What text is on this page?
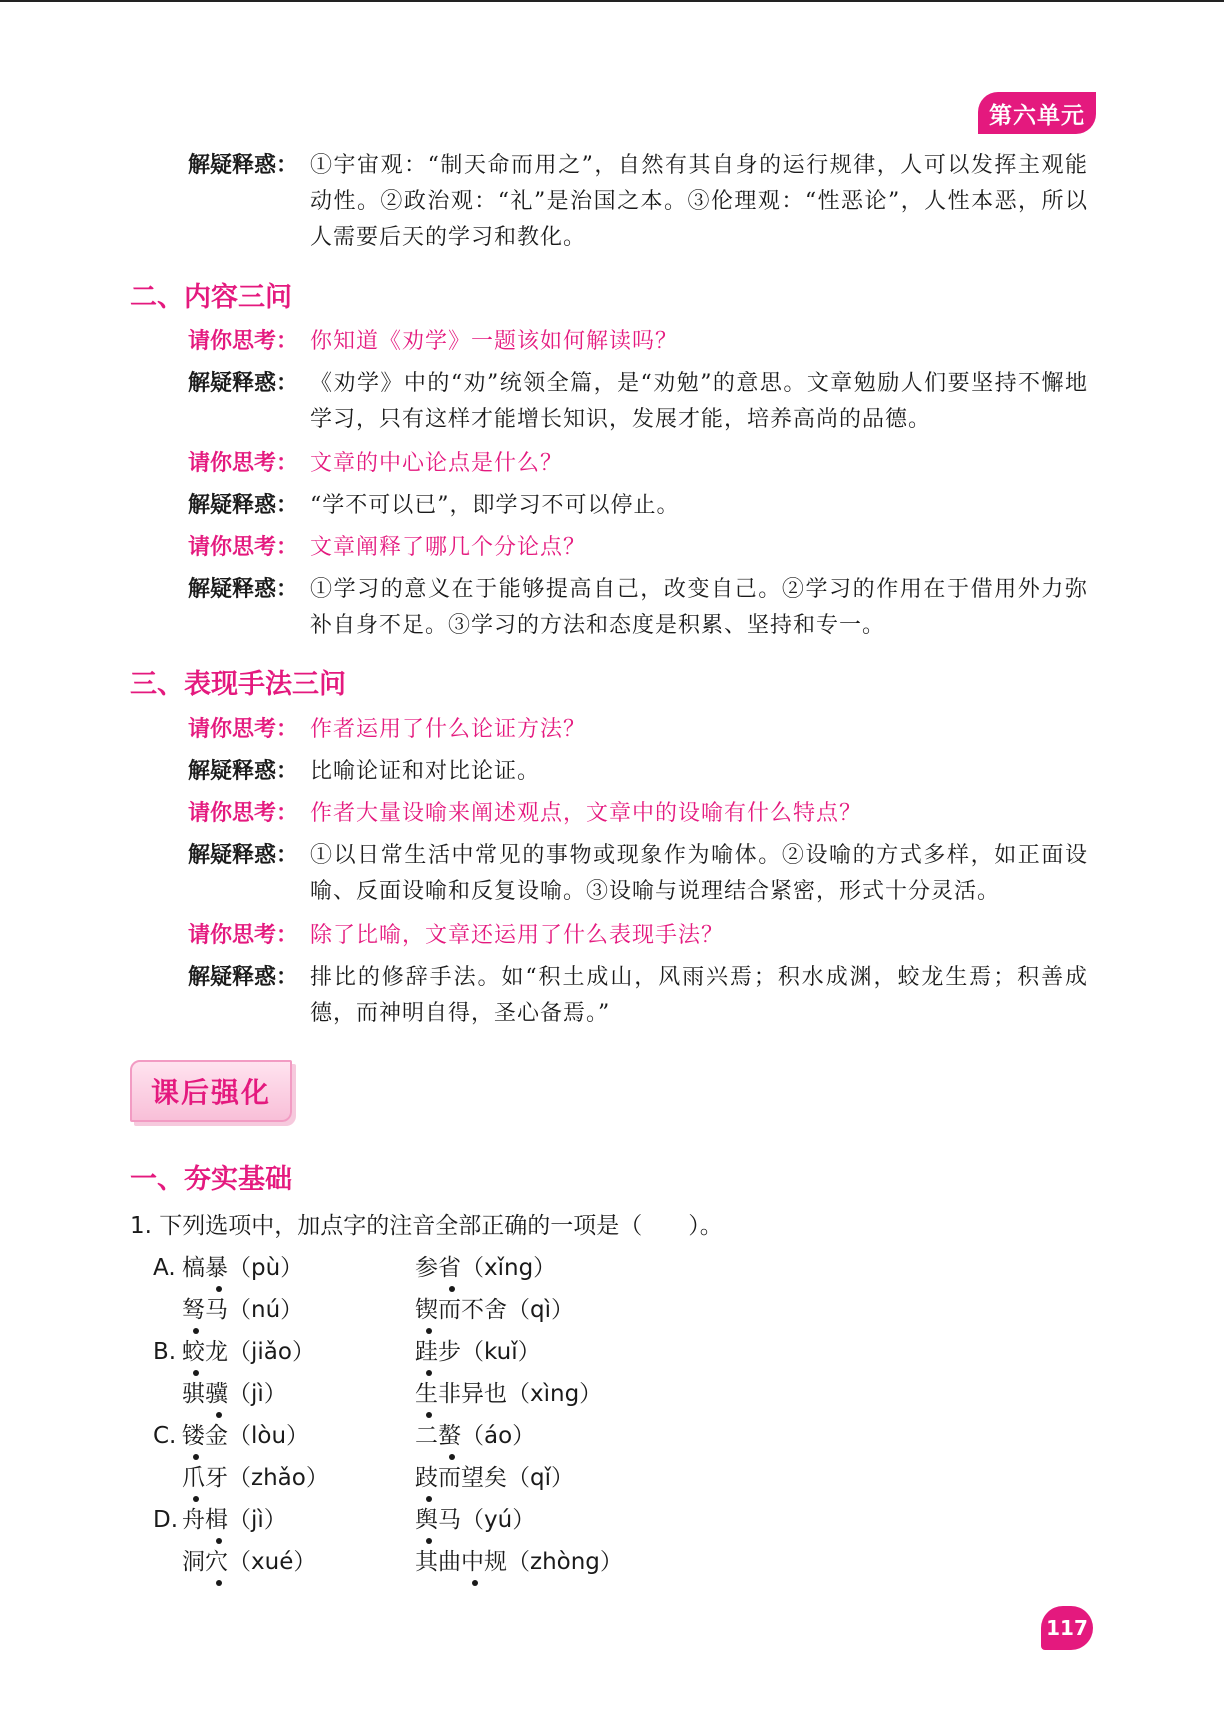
第六单元
解疑释惑： ①宇宙观：“制天命而用之”，自然有其自身的运行规律，人可以发挥主观能动性。②政治观：“礼”是治国之本。③伦理观：“性恶论”，人性本恶，所以人需要后天的学习和教化。
二、内容三问
请你思考： 你知道《劝学》一题该如何解读吗？
解疑释惑： 《劝学》中的“劝”统领全篇，是“劝勉”的意思。文章勉励人们要坚持不懈地学习，只有这样才能增长知识，发展才能，培养高尚的品德。
请你思考： 文章的中心论点是什么？
解疑释惑： “学不可以已”，即学习不可以停止。
请你思考： 文章阐释了哪几个分论点？
解疑释惑： ①学习的意义在于能够提高自己，改变自己。②学习的作用在于借用外力弥补自身不足。③学习的方法和态度是积累、坚持和专一。
三、表现手法三问
请你思考： 作者运用了什么论证方法？
解疑释惑： 比喻论证和对比论证。
请你思考： 作者大量设喻来阐述观点，文章中的设喻有什么特点？
解疑释惑： ①以日常生活中常见的事物或现象作为喻体。②设喻的方式多样，如正面设喻、反面设喻和反复设喻。③设喻与说理结合紧密，形式十分灵活。
请你思考： 除了比喻，文章还运用了什么表现手法？
解疑释惑： 排比的修辞手法。如“积土成山，风雨兴焉；积水成渊，蛟龙生焉；积善成德，而神明自得，圣心备焉。”
课后强化
一、夯实基础
1. 下列选项中，加点字的注音全部正确的一项是（　　）。
A. 槁暴（pù）	参省（xǐng）
驽马（nú）	锲而不舍（qì）
B. 蛟龙（jiǎo）	跬步（kuǐ）
骐骥（jì）	生非异也（xìng）
C. 镂金（lòu）	二螯（áo）
爪牙（zhǎo）	跂而望矣（qǐ）
D. 舟楫（jì）	舆马（yú）
洞穴（xué）	其曲中规（zhòng）
117
